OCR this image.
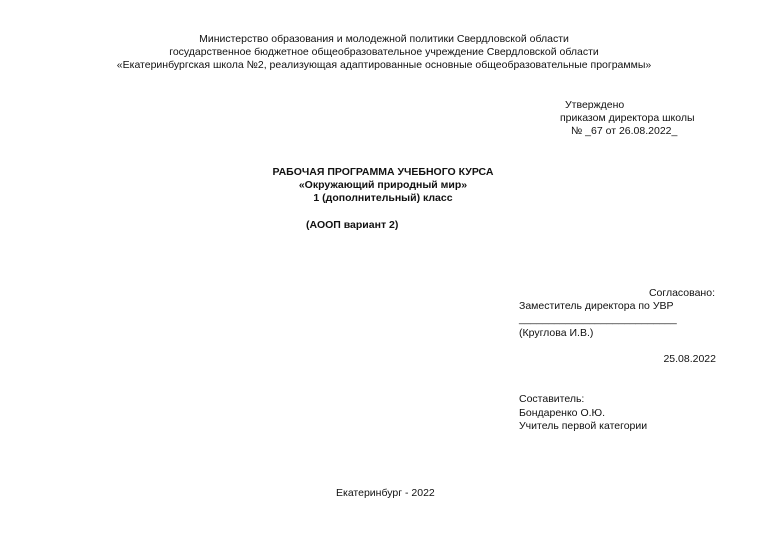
Министерство образования и молодежной политики Свердловской области
государственное бюджетное общеобразовательное учреждение Свердловской области
«Екатеринбургская школа №2, реализующая адаптированные основные общеобразовательные программы»
Утверждено
приказом директора школы
№ _67 от 26.08.2022_
РАБОЧАЯ ПРОГРАММА УЧЕБНОГО КУРСА
«Окружающий природный мир»
1 (дополнительный) класс
(АООП вариант 2)
Согласовано:
Заместитель директора по УВР
___________________________
(Круглова И.В.)
25.08.2022
Составитель:
Бондаренко О.Ю.
Учитель первой категории
Екатеринбург - 2022
